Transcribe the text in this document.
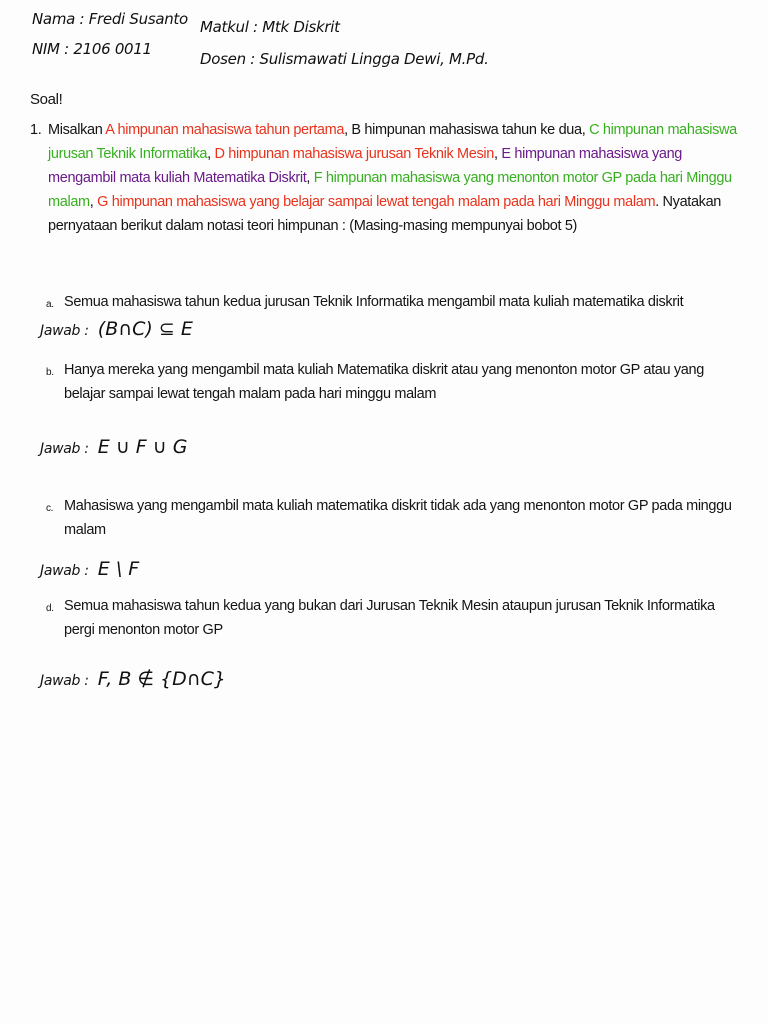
Nama : Fredi Susanto
NIM : 2106 0011
Matkul : Mtk Diskrit
Dosen : Sulismawati Lingga Dewi, M.Pd.
Soal!
1. Misalkan A himpunan mahasiswa tahun pertama, B himpunan mahasiswa tahun ke dua, C himpunan mahasiswa jurusan Teknik Informatika, D himpunan mahasiswa jurusan Teknik Mesin, E himpunan mahasiswa yang mengambil mata kuliah Matematika Diskrit, F himpunan mahasiswa yang menonton motor GP pada hari Minggu malam, G himpunan mahasiswa yang belajar sampai lewat tengah malam pada hari Minggu malam. Nyatakan pernyataan berikut dalam notasi teori himpunan : (Masing-masing mempunyai bobot 5)
a. Semua mahasiswa tahun kedua jurusan Teknik Informatika mengambil mata kuliah matematika diskrit
Jawab : (B∩C) ⊆ E
b. Hanya mereka yang mengambil mata kuliah Matematika diskrit atau yang menonton motor GP atau yang belajar sampai lewat tengah malam pada hari minggu malam
Jawab : E ∪ F ∪ G
c. Mahasiswa yang mengambil mata kuliah matematika diskrit tidak ada yang menonton motor GP pada minggu malam
Jawab : E \ F
d. Semua mahasiswa tahun kedua yang bukan dari Jurusan Teknik Mesin ataupun jurusan Teknik Informatika pergi menonton motor GP
Jawab : F, B ∉ {D∩C}
